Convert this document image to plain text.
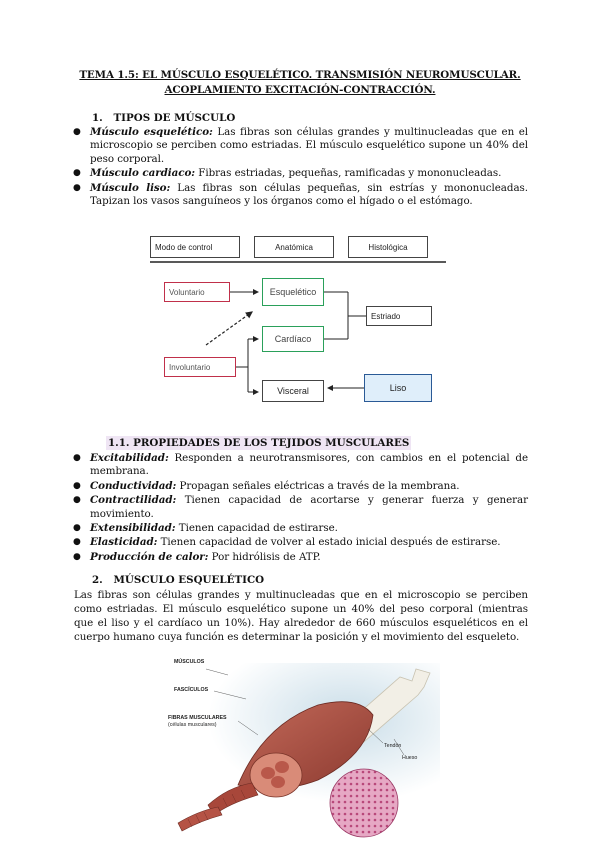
TEMA 1.5: EL MÚSCULO ESQUELÉTICO. TRANSMISIÓN NEUROMUSCULAR.
ACOPLAMIENTO EXCITACIÓN-CONTRACCIÓN.
1. TIPOS DE MÚSCULO
● Músculo esquelético: Las fibras son células grandes y multinucleadas que en el microscopio se perciben como estriadas. El músculo esquelético supone un 40% del peso corporal.
● Músculo cardiaco: Fibras estriadas, pequeñas, ramificadas y mononucleadas.
● Músculo liso: Las fibras son células pequeñas, sin estrías y mononucleadas. Tapizan los vasos sanguíneos y los órganos como el hígado o el estómago.
Modo de control	Anatómica	Histológica
Voluntario
Involuntario
Esquelético
Cardíaco
Visceral
Estriado
Liso
1.1. PROPIEDADES DE LOS TEJIDOS MUSCULARES
● Excitabilidad: Responden a neurotransmisores, con cambios en el potencial de membrana.
● Conductividad: Propagan señales eléctricas a través de la membrana.
● Contractilidad: Tienen capacidad de acortarse y generar fuerza y generar movimiento.
● Extensibilidad: Tienen capacidad de estirarse.
● Elasticidad: Tienen capacidad de volver al estado inicial después de estirarse.
● Producción de calor: Por hidrólisis de ATP.
2. MÚSCULO ESQUELÉTICO
Las fibras son células grandes y multinucleadas que en el microscopio se perciben como estriadas. El músculo esquelético supone un 40% del peso corporal (mientras que el liso y el cardíaco un 10%). Hay alrededor de 660 músculos esqueléticos en el cuerpo humano cuya función es determinar la posición y el movimiento del esqueleto.
MÚSCULOS
FASCÍCULOS
FIBRAS MUSCULARES
(células musculares)
Tendón
Hueso
